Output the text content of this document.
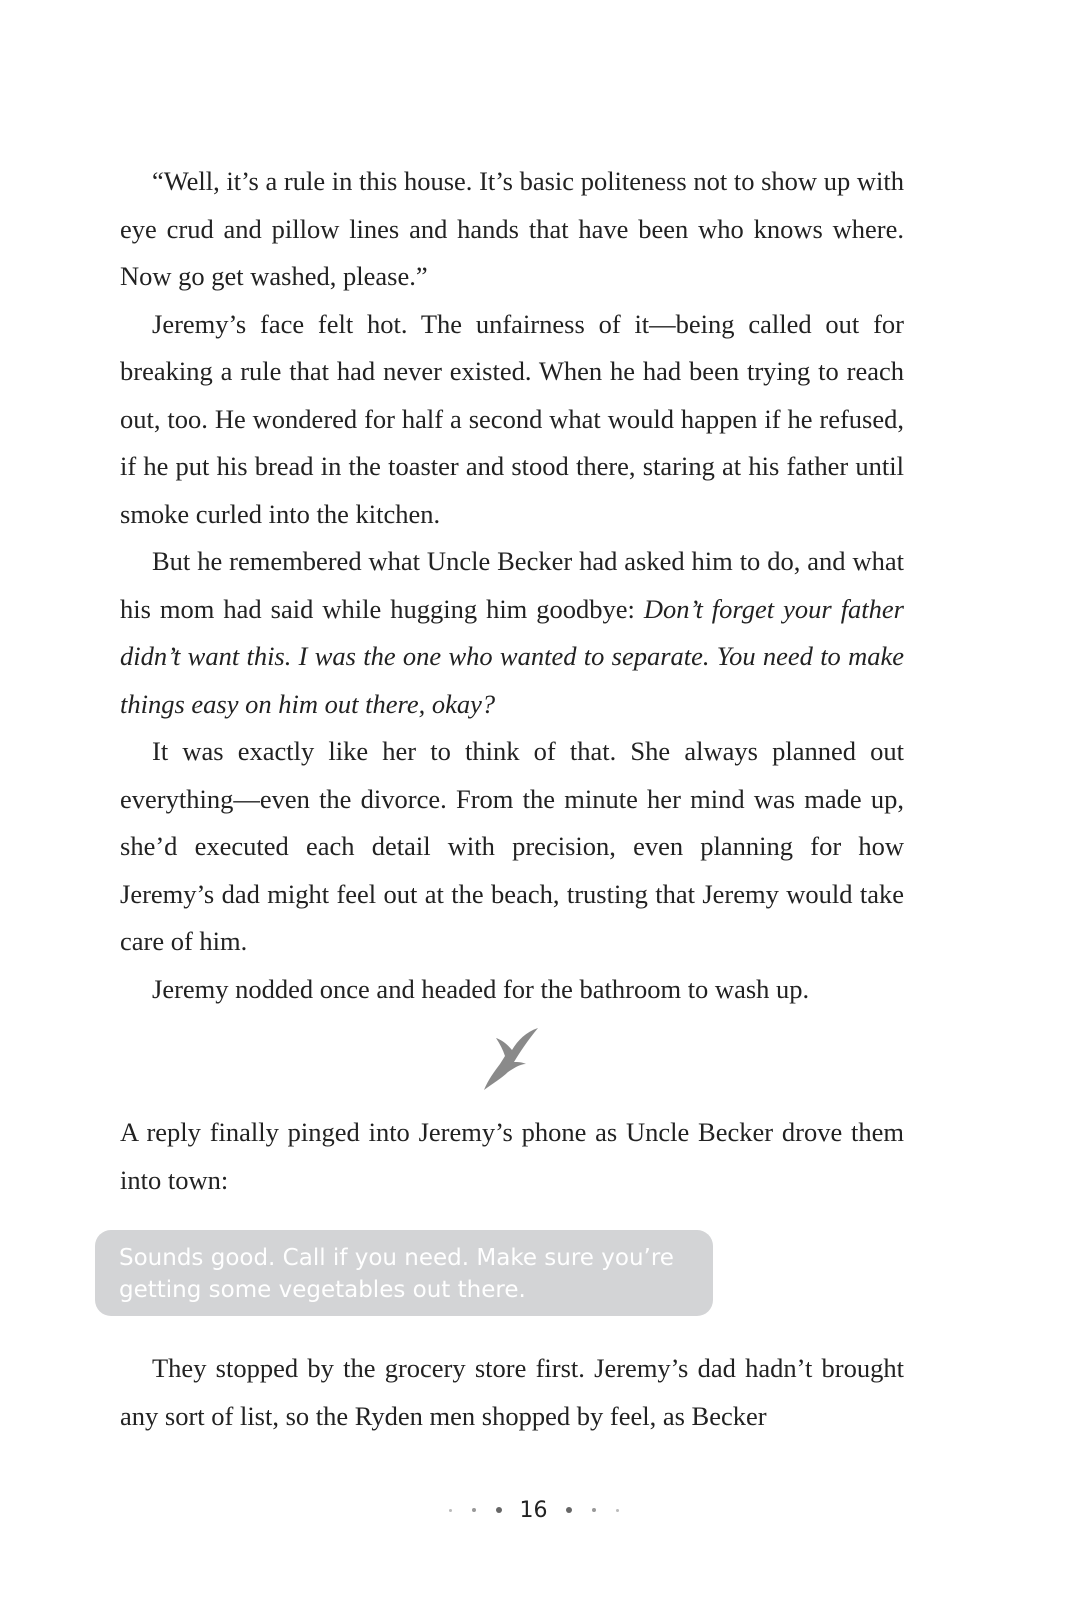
“Well, it’s a rule in this house. It’s basic politeness not to show up with eye crud and pillow lines and hands that have been who knows where. Now go get washed, please.”

Jeremy’s face felt hot. The unfairness of it—being called out for breaking a rule that had never existed. When he had been trying to reach out, too. He wondered for half a second what would happen if he refused, if he put his bread in the toaster and stood there, staring at his father until smoke curled into the kitchen.

But he remembered what Uncle Becker had asked him to do, and what his mom had said while hugging him goodbye: Don’t forget your father didn’t want this. I was the one who wanted to separate. You need to make things easy on him out there, okay?

It was exactly like her to think of that. She always planned out everything—even the divorce. From the minute her mind was made up, she’d executed each detail with precision, even planning for how Jeremy’s dad might feel out at the beach, trusting that Jeremy would take care of him.

Jeremy nodded once and headed for the bathroom to wash up.

A reply finally pinged into Jeremy’s phone as Uncle Becker drove them into town:

Sounds good. Call if you need. Make sure you’re getting some vegetables out there.

They stopped by the grocery store first. Jeremy’s dad hadn’t brought any sort of list, so the Ryden men shopped by feel, as Becker

16
